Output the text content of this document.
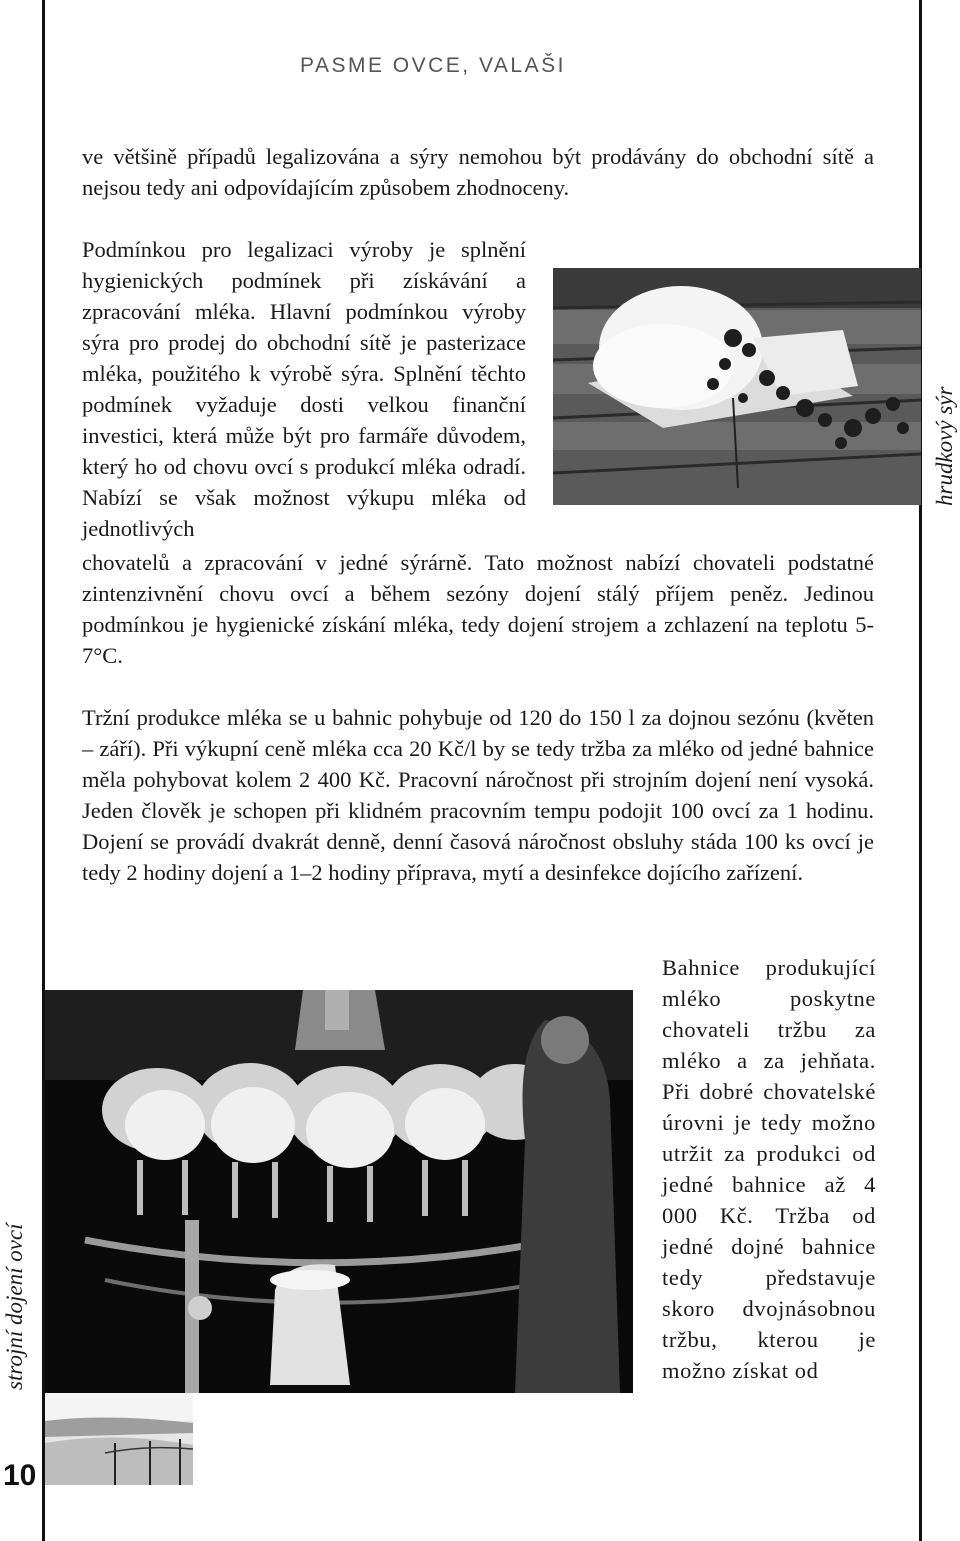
PASME OVCE, VALAŠI

ve většině případů legalizována a sýry nemohou být prodávány do obchodní sítě a nejsou tedy ani odpovídajícím způsobem zhodnoceny.

Podmínkou pro legalizaci výroby je splnění hygienických podmínek při získávání a zpracování mléka. Hlavní podmínkou výroby sýra pro prodej do obchodní sítě je pasterizace mléka, použitého k výrobě sýra. Splnění těchto podmínek vyžaduje dosti velkou finanční investici, která může být pro farmáře důvodem, který ho od chovu ovcí s produkcí mléka odradí. Nabízí se však možnost výkupu mléka od jednotlivých

chovatelů a zpracování v jedné sýrárně. Tato možnost nabízí chovateli podstatné zintenzivnění chovu ovcí a během sezóny dojení stálý příjem peněz. Jedinou podmínkou je hygienické získání mléka, tedy dojení strojem a zchlazení na teplotu 5-7°C.

Tržní produkce mléka se u bahnic pohybuje od 120 do 150 l za dojnou sezónu (květen – září). Při výkupní ceně mléka cca 20 Kč/l by se tedy tržba za mléko od jedné bahnice měla pohybovat kolem 2 400 Kč. Pracovní náročnost při strojním dojení není vysoká. Jeden člověk je schopen při klidném pracovním tempu podojit 100 ovcí za 1 hodinu. Dojení se provádí dvakrát denně, denní časová náročnost obsluhy stáda 100 ks ovcí je tedy 2 hodiny dojení a 1–2 hodiny příprava, mytí a desinfekce dojícího zařízení.

Bahnice produkující mléko poskytne chovateli tržbu za mléko a za jehňata. Při dobré chovatelské úrovni je tedy možno utržit za produkci od jedné bahnice až 4 000 Kč. Tržba od jedné dojné bahnice tedy představuje skoro dvojnásobnou tržbu, kterou je možno získat od

hrudkový sýr
strojní dojení ovcí
10
